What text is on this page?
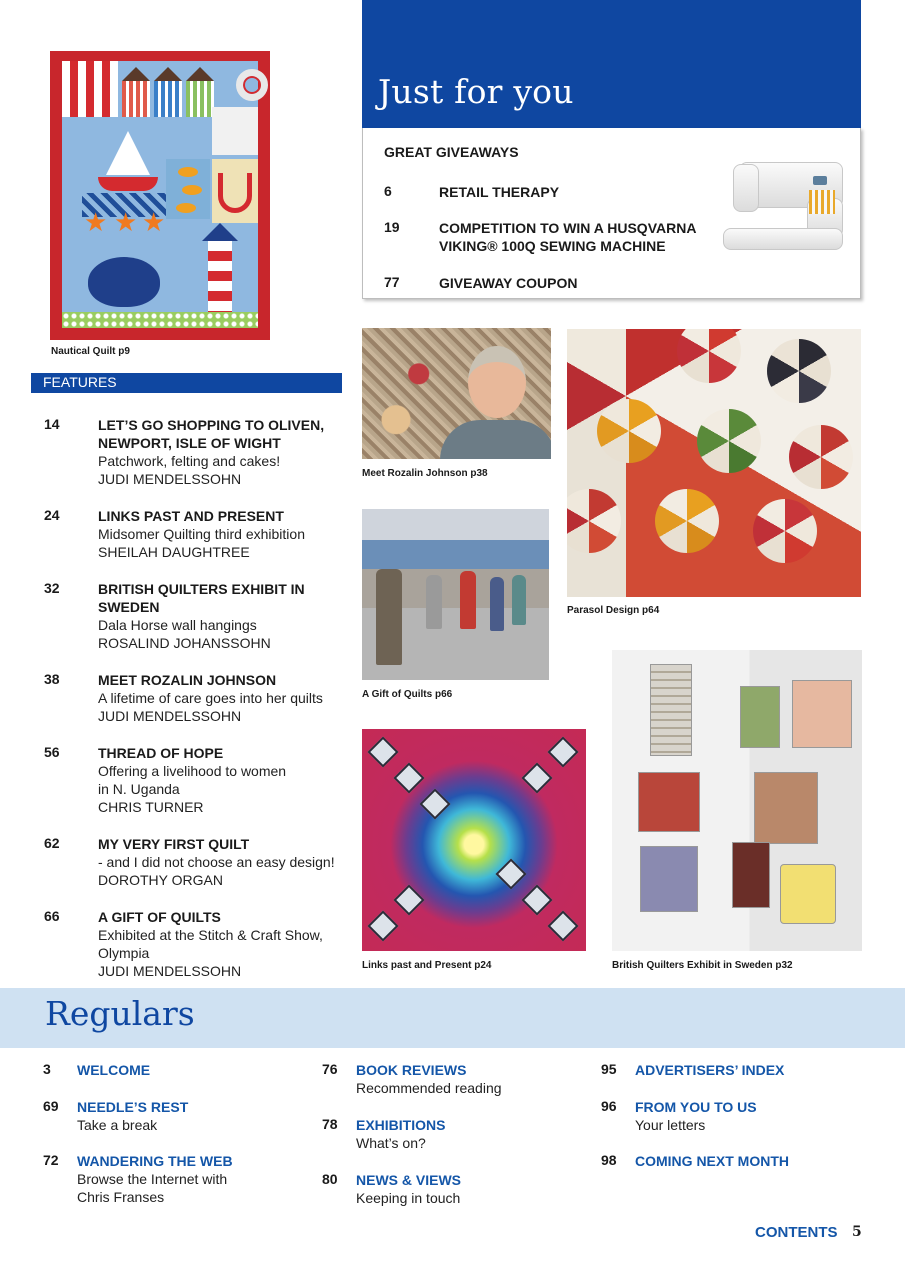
★ ★ ★
Nautical Quilt p9
Just for you
GREAT GIVEAWAYS
6	RETAIL THERAPY
19	COMPETITION TO WIN A HUSQVARNA VIKING® 100Q SEWING MACHINE
77	GIVEAWAY COUPON
Meet Rozalin Johnson p38
Parasol Design p64
A Gift of Quilts p66
Links past and Present p24	British Quilters Exhibit in Sweden p32
FEATURES
14	LET’S GO SHOPPING TO OLIVEN, NEWPORT, ISLE OF WIGHT
Patchwork, felting and cakes!
JUDI MENDELSSOHN
24	LINKS PAST AND PRESENT
Midsomer Quilting third exhibition
SHEILAH DAUGHTREE
32	BRITISH QUILTERS EXHIBIT IN SWEDEN
Dala Horse wall hangings
ROSALIND JOHANSSOHN
38	MEET ROZALIN JOHNSON
A lifetime of care goes into her quilts
JUDI MENDELSSOHN
56	THREAD OF HOPE
Offering a livelihood to women in N. Uganda
CHRIS TURNER
62	MY VERY FIRST QUILT
- and I did not choose an easy design!
DOROTHY ORGAN
66	A GIFT OF QUILTS
Exhibited at the Stitch & Craft Show, Olympia
JUDI MENDELSSOHN
Regulars
3 WELCOME
69 NEEDLE’S REST
Take a break
72 WANDERING THE WEB
Browse the Internet with Chris Franses
76 BOOK REVIEWS
Recommended reading
78 EXHIBITIONS
What’s on?
80 NEWS & VIEWS
Keeping in touch
95 ADVERTISERS’ INDEX
96 FROM YOU TO US
Your letters
98 COMING NEXT MONTH
CONTENTS 5
